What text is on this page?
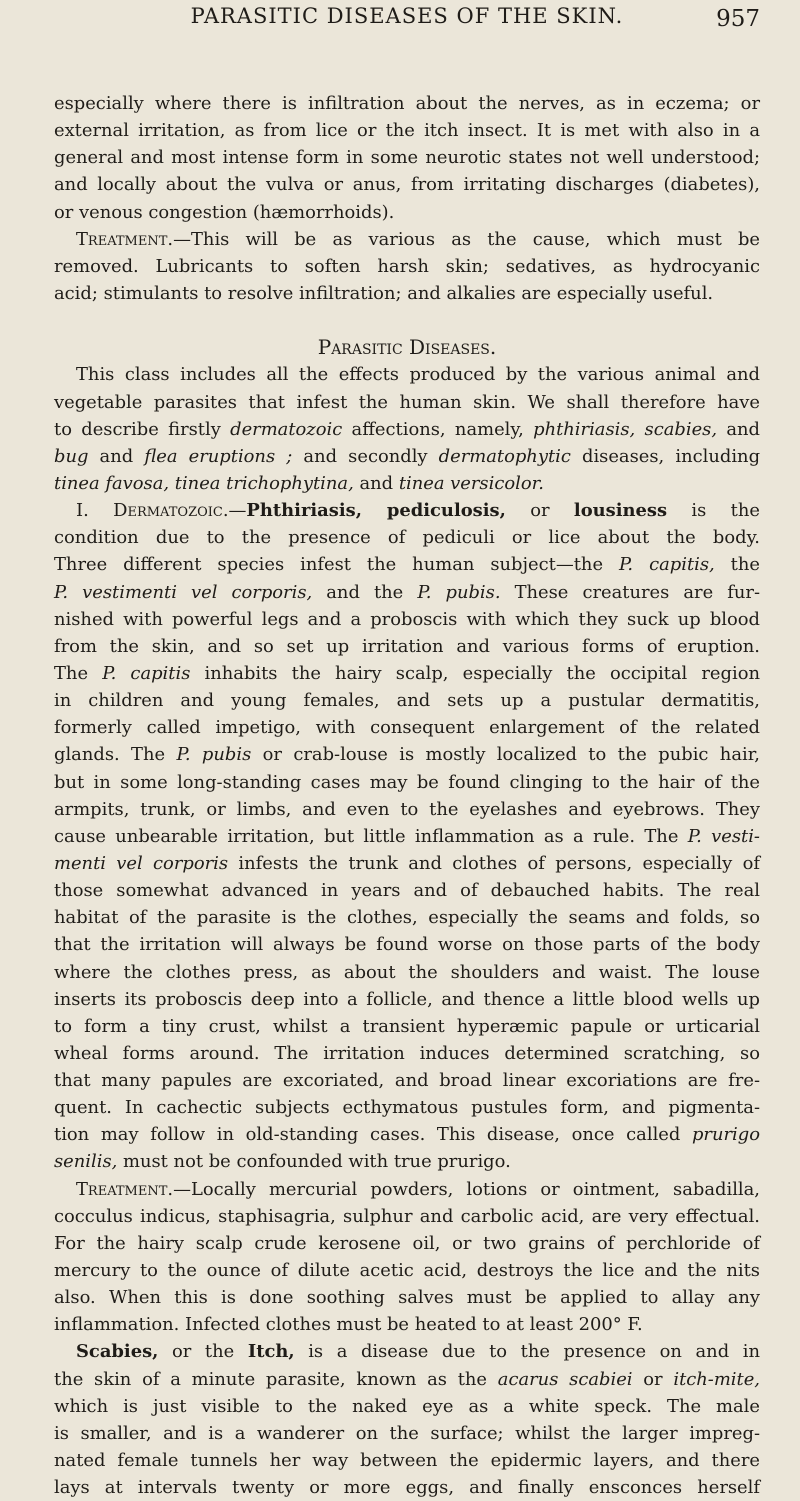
PARASITIC DISEASES OF THE SKIN.	957
especially where there is infiltration about the nerves, as in eczema; or
external irritation, as from lice or the itch insect. It is met with also in a
general and most intense form in some neurotic states not well understood;
and locally about the vulva or anus, from irritating discharges (diabetes),
or venous congestion (hæmorrhoids).
Treatment.—This will be as various as the cause, which must be
removed. Lubricants to soften harsh skin; sedatives, as hydrocyanic
acid; stimulants to resolve infiltration; and alkalies are especially useful.
Parasitic Diseases.
This class includes all the effects produced by the various animal and
vegetable parasites that infest the human skin. We shall therefore have
to describe firstly dermatozoic affections, namely, phthiriasis, scabies, and
bug and flea eruptions ; and secondly dermatophytic diseases, including
tinea favosa, tinea trichophytina, and tinea versicolor.
I. Dermatozoic.—Phthiriasis, pediculosis, or lousiness is the
condition due to the presence of pediculi or lice about the body.
Three different species infest the human subject—the P. capitis, the
P. vestimenti vel corporis, and the P. pubis. These creatures are fur-
nished with powerful legs and a proboscis with which they suck up blood
from the skin, and so set up irritation and various forms of eruption.
The P. capitis inhabits the hairy scalp, especially the occipital region
in children and young females, and sets up a pustular dermatitis,
formerly called impetigo, with consequent enlargement of the related
glands. The P. pubis or crab-louse is mostly localized to the pubic hair,
but in some long-standing cases may be found clinging to the hair of the
armpits, trunk, or limbs, and even to the eyelashes and eyebrows. They
cause unbearable irritation, but little inflammation as a rule. The P. vesti-
menti vel corporis infests the trunk and clothes of persons, especially of
those somewhat advanced in years and of debauched habits. The real
habitat of the parasite is the clothes, especially the seams and folds, so
that the irritation will always be found worse on those parts of the body
where the clothes press, as about the shoulders and waist. The louse
inserts its proboscis deep into a follicle, and thence a little blood wells up
to form a tiny crust, whilst a transient hyperæmic papule or urticarial
wheal forms around. The irritation induces determined scratching, so
that many papules are excoriated, and broad linear excoriations are fre-
quent. In cachectic subjects ecthymatous pustules form, and pigmenta-
tion may follow in old-standing cases. This disease, once called prurigo
senilis, must not be confounded with true prurigo.
Treatment.—Locally mercurial powders, lotions or ointment, sabadilla,
cocculus indicus, staphisagria, sulphur and carbolic acid, are very effectual.
For the hairy scalp crude kerosene oil, or two grains of perchloride of
mercury to the ounce of dilute acetic acid, destroys the lice and the nits
also. When this is done soothing salves must be applied to allay any
inflammation. Infected clothes must be heated to at least 200° F.
Scabies, or the Itch, is a disease due to the presence on and in
the skin of a minute parasite, known as the acarus scabiei or itch-mite,
which is just visible to the naked eye as a white speck. The male
is smaller, and is a wanderer on the surface; whilst the larger impreg-
nated female tunnels her way between the epidermic layers, and there
lays at intervals twenty or more eggs, and finally ensconces herself
